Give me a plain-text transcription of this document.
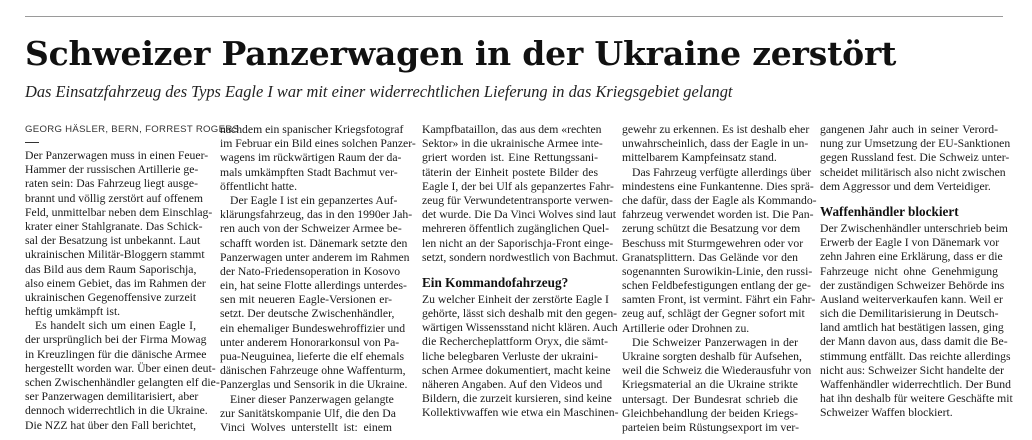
Schweizer Panzerwagen in der Ukraine zerstört

Das Einsatzfahrzeug des Typs Eagle I war mit einer widerrechtlichen Lieferung in das Kriegsgebiet gelangt

GEORG HÄSLER, BERN, FORREST ROGERS
Der Panzerwagen muss in einen Feuer-
Hammer der russischen Artillerie ge-
raten sein: Das Fahrzeug liegt ausge-
brannt und völlig zerstört auf offenem
Feld, unmittelbar neben dem Einschlag-
krater einer Stahlgranate. Das Schick-
sal der Besatzung ist unbekannt. Laut
ukrainischen Militär-Bloggern stammt
das Bild aus dem Raum Saporischja,
also einem Gebiet, das im Rahmen der
ukrainischen Gegenoffensive zurzeit
heftig umkämpft ist.
Es handelt sich um einen Eagle I,
der ursprünglich bei der Firma Mowag
in Kreuzlingen für die dänische Armee
hergestellt worden war. Über einen deut-
schen Zwischenhändler gelangten elf die-
ser Panzerwagen demilitarisiert, aber
dennoch widerrechtlich in die Ukraine.
Die NZZ hat über den Fall berichtet,
nachdem ein spanischer Kriegsfotograf
im Februar ein Bild eines solchen Panzer-
wagens im rückwärtigen Raum der da-
mals umkämpften Stadt Bachmut ver-
öffentlicht hatte.
Der Eagle I ist ein gepanzertes Auf-
klärungsfahrzeug, das in den 1990er Jah-
ren auch von der Schweizer Armee be-
schafft worden ist. Dänemark setzte den
Panzerwagen unter anderem im Rahmen
der Nato-Friedensoperation in Kosovo
ein, hat seine Flotte allerdings unterdes-
sen mit neueren Eagle-Versionen er-
setzt. Der deutsche Zwischenhändler,
ein ehemaliger Bundeswehroffizier und
unter anderem Honorarkonsul von Pa-
pua-Neuguinea, lieferte die elf ehemals
dänischen Fahrzeuge ohne Waffenturm,
Panzerglas und Sensorik in die Ukraine.
Einer dieser Panzerwagen gelangte
zur Sanitätskompanie Ulf, die den Da
Vinci Wolves unterstellt ist: einem
Kampfbataillon, das aus dem «rechten
Sektor» in die ukrainische Armee inte-
griert worden ist. Eine Rettungssani-
täterin der Einheit postete Bilder des
Eagle I, der bei Ulf als gepanzertes Fahr-
zeug für Verwundetentransporte verwen-
det wurde. Die Da Vinci Wolves sind laut
mehreren öffentlich zugänglichen Quel-
len nicht an der Saporischja-Front einge-
setzt, sondern nordwestlich von Bachmut.
Ein Kommandofahrzeug?
Zu welcher Einheit der zerstörte Eagle I
gehörte, lässt sich deshalb mit den gegen-
wärtigen Wissensstand nicht klären. Auch
die Rechercheplattform Oryx, die sämt-
liche belegbaren Verluste der ukraini-
schen Armee dokumentiert, macht keine
näheren Angaben. Auf den Videos und
Bildern, die zurzeit kursieren, sind keine
Kollektivwaffen wie etwa ein Maschinen-
gewehr zu erkennen. Es ist deshalb eher
unwahrscheinlich, dass der Eagle in un-
mittelbarem Kampfeinsatz stand.
Das Fahrzeug verfügte allerdings über
mindestens eine Funkantenne. Dies sprä-
che dafür, dass der Eagle als Kommando-
fahrzeug verwendet worden ist. Die Pan-
zerung schützt die Besatzung vor dem
Beschuss mit Sturmgewehren oder vor
Granatsplittern. Das Gelände vor den
sogenannten Surowikin-Linie, den russi-
schen Feldbefestigungen entlang der ge-
samten Front, ist vermint. Fährt ein Fahr-
zeug auf, schlägt der Gegner sofort mit
Artillerie oder Drohnen zu.
Die Schweizer Panzerwagen in der
Ukraine sorgten deshalb für Aufsehen,
weil die Schweiz die Wiederausfuhr von
Kriegsmaterial an die Ukraine strikte
untersagt. Der Bundesrat schrieb die
Gleichbehandlung der beiden Kriegs-
parteien beim Rüstungsexport im ver-
gangenen Jahr auch in seiner Verord-
nung zur Umsetzung der EU-Sanktionen
gegen Russland fest. Die Schweiz unter-
scheidet militärisch also nicht zwischen
dem Aggressor und dem Verteidiger.
Waffenhändler blockiert
Der Zwischenhändler unterschrieb beim
Erwerb der Eagle I von Dänemark vor
zehn Jahren eine Erklärung, dass er die
Fahrzeuge nicht ohne Genehmigung
der zuständigen Schweizer Behörde ins
Ausland weiterverkaufen kann. Weil er
sich die Demilitarisierung in Deutsch-
land amtlich hat bestätigen lassen, ging
der Mann davon aus, dass damit die Be-
stimmung entfällt. Das reichte allerdings
nicht aus: Schweizer Sicht handelte der
Waffenhändler widerrechtlich. Der Bund
hat ihn deshalb für weitere Geschäfte mit
Schweizer Waffen blockiert.
